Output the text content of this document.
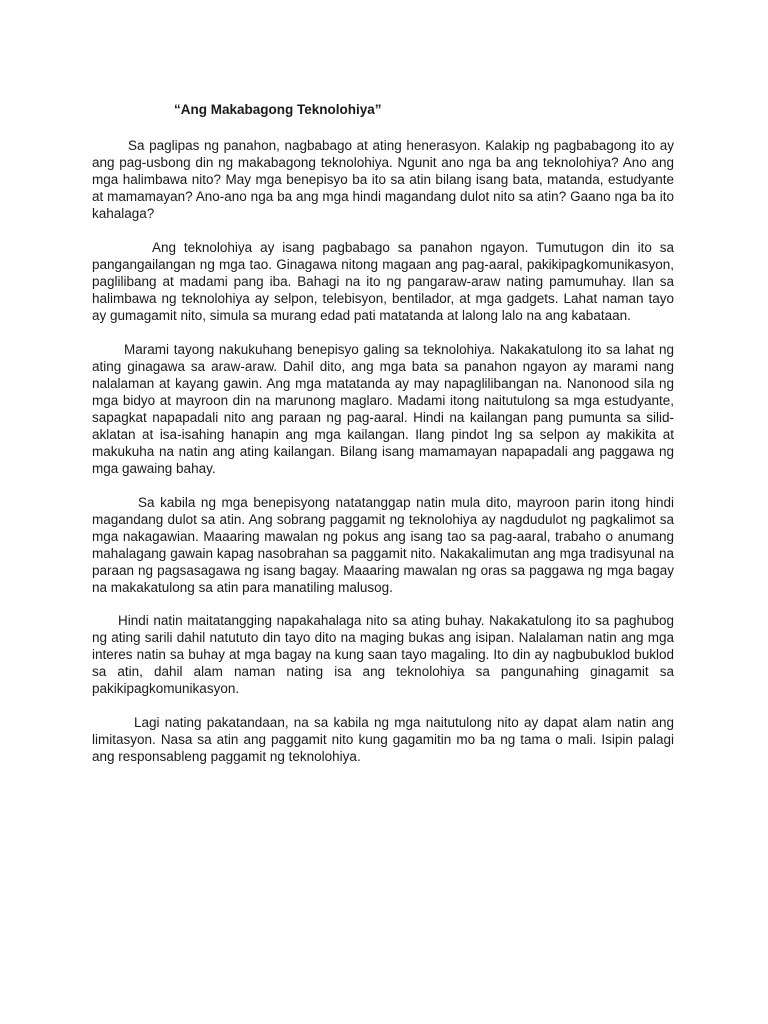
“Ang Makabagong Teknolohiya”

Sa paglipas ng panahon, nagbabago at ating henerasyon. Kalakip ng pagbabagong ito ay ang pag-usbong din ng makabagong teknolohiya. Ngunit ano nga ba ang teknolohiya? Ano ang mga halimbawa nito? May mga benepisyo ba ito sa atin bilang isang bata, matanda, estudyante at mamamayan? Ano-ano nga ba ang mga hindi magandang dulot nito sa atin? Gaano nga ba ito kahalaga?

Ang teknolohiya ay isang pagbabago sa panahon ngayon. Tumutugon din ito sa pangangailangan ng mga tao. Ginagawa nitong magaan ang pag-aaral, pakikipagkomunikasyon, paglilibang at madami pang iba. Bahagi na ito ng pangaraw-araw nating pamumuhay. Ilan sa halimbawa ng teknolohiya ay selpon, telebisyon, bentilador, at mga gadgets. Lahat naman tayo ay gumagamit nito, simula sa murang edad pati matatanda at lalong lalo na ang kabataan.

Marami tayong nakukuhang benepisyo galing sa teknolohiya. Nakakatulong ito sa lahat ng ating ginagawa sa araw-araw. Dahil dito, ang mga bata sa panahon ngayon ay marami nang nalalaman at kayang gawin. Ang mga matatanda ay may napaglilibangan na. Nanonood sila ng mga bidyo at mayroon din na marunong maglaro. Madami itong naitutulong sa mga estudyante, sapagkat napapadali nito ang paraan ng pag-aaral. Hindi na kailangan pang pumunta sa silid-aklatan at isa-isahing hanapin ang mga kailangan. Ilang pindot lng sa selpon ay makikita at makukuha na natin ang ating kailangan. Bilang isang mamamayan napapadali ang paggawa ng mga gawaing bahay.

Sa kabila ng mga benepisyong natatanggap natin mula dito, mayroon parin itong hindi magandang dulot sa atin. Ang sobrang paggamit ng teknolohiya ay nagdudulot ng pagkalimot sa mga nakagawian. Maaaring mawalan ng pokus ang isang tao sa pag-aaral, trabaho o anumang mahalagang gawain kapag nasobrahan sa paggamit nito. Nakakalimutan ang mga tradisyunal na paraan ng pagsasagawa ng isang bagay. Maaaring mawalan ng oras sa paggawa ng mga bagay na makakatulong sa atin para manatiling malusog.

Hindi natin maitatangging napakahalaga nito sa ating buhay. Nakakatulong ito sa paghubog ng ating sarili dahil natututo din tayo dito na maging bukas ang isipan. Nalalaman natin ang mga interes natin sa buhay at mga bagay na kung saan tayo magaling. Ito din ay nagbubuklod buklod sa atin, dahil alam naman nating isa ang teknolohiya sa pangunahing ginagamit sa pakikipagkomunikasyon.

Lagi nating pakatandaan, na sa kabila ng mga naitutulong nito ay dapat alam natin ang limitasyon. Nasa sa atin ang paggamit nito kung gagamitin mo ba ng tama o mali. Isipin palagi ang responsableng paggamit ng teknolohiya.
